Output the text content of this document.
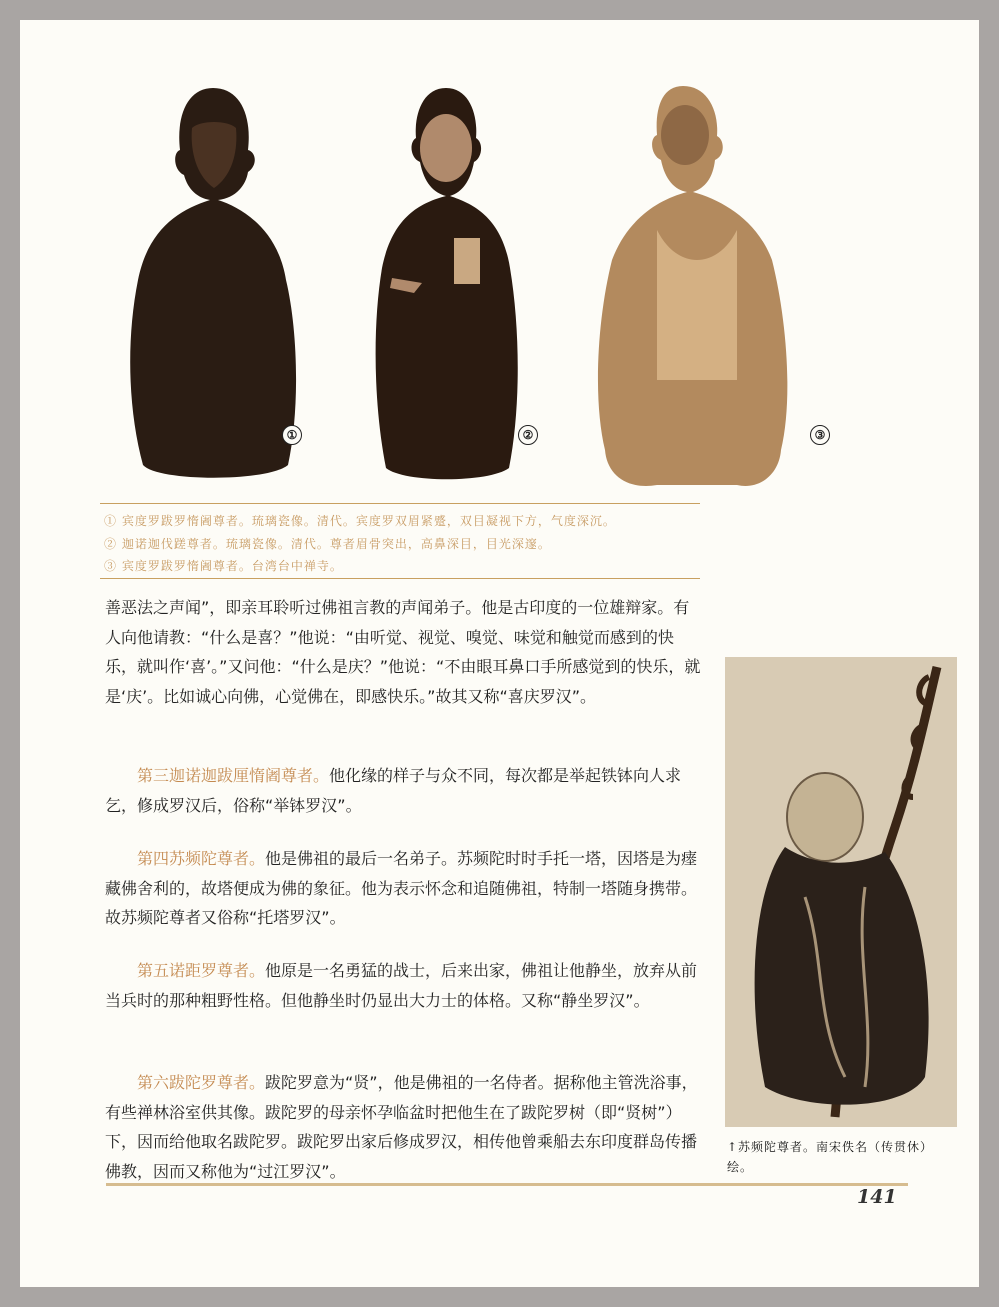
①	②	③
① 宾度罗跋罗惰阇尊者。琉璃瓷像。清代。宾度罗双眉紧蹙，双目凝视下方，气度深沉。
② 迦诺迦伐蹉尊者。琉璃瓷像。清代。尊者眉骨突出，高鼻深目，目光深邃。
③ 宾度罗跋罗惰阇尊者。台湾台中禅寺。

善恶法之声闻”，即亲耳聆听过佛祖言教的声闻弟子。他是古印度的一位雄辩家。有人向他请教：“什么是喜？”他说：“由听觉、视觉、嗅觉、味觉和触觉而感到的快乐，就叫作‘喜’。”又问他：“什么是庆？”他说：“不由眼耳鼻口手所感觉到的快乐，就是‘庆’。比如诚心向佛，心觉佛在，即感快乐。”故其又称“喜庆罗汉”。

第三迦诺迦跋厘惰阇尊者。他化缘的样子与众不同，每次都是举起铁钵向人求乞，修成罗汉后，俗称“举钵罗汉”。

第四苏频陀尊者。他是佛祖的最后一名弟子。苏频陀时时手托一塔，因塔是为瘗藏佛舍利的，故塔便成为佛的象征。他为表示怀念和追随佛祖，特制一塔随身携带。故苏频陀尊者又俗称“托塔罗汉”。

第五诺距罗尊者。他原是一名勇猛的战士，后来出家，佛祖让他静坐，放弃从前当兵时的那种粗野性格。但他静坐时仍显出大力士的体格。又称“静坐罗汉”。

第六跋陀罗尊者。跋陀罗意为“贤”，他是佛祖的一名侍者。据称他主管洗浴事，有些禅林浴室供其像。跋陀罗的母亲怀孕临盆时把他生在了跋陀罗树（即“贤树”）下，因而给他取名跋陀罗。跋陀罗出家后修成罗汉，相传他曾乘船去东印度群岛传播佛教，因而又称他为“过江罗汉”。

↑苏频陀尊者。南宋佚名（传贯休）绘。
141
